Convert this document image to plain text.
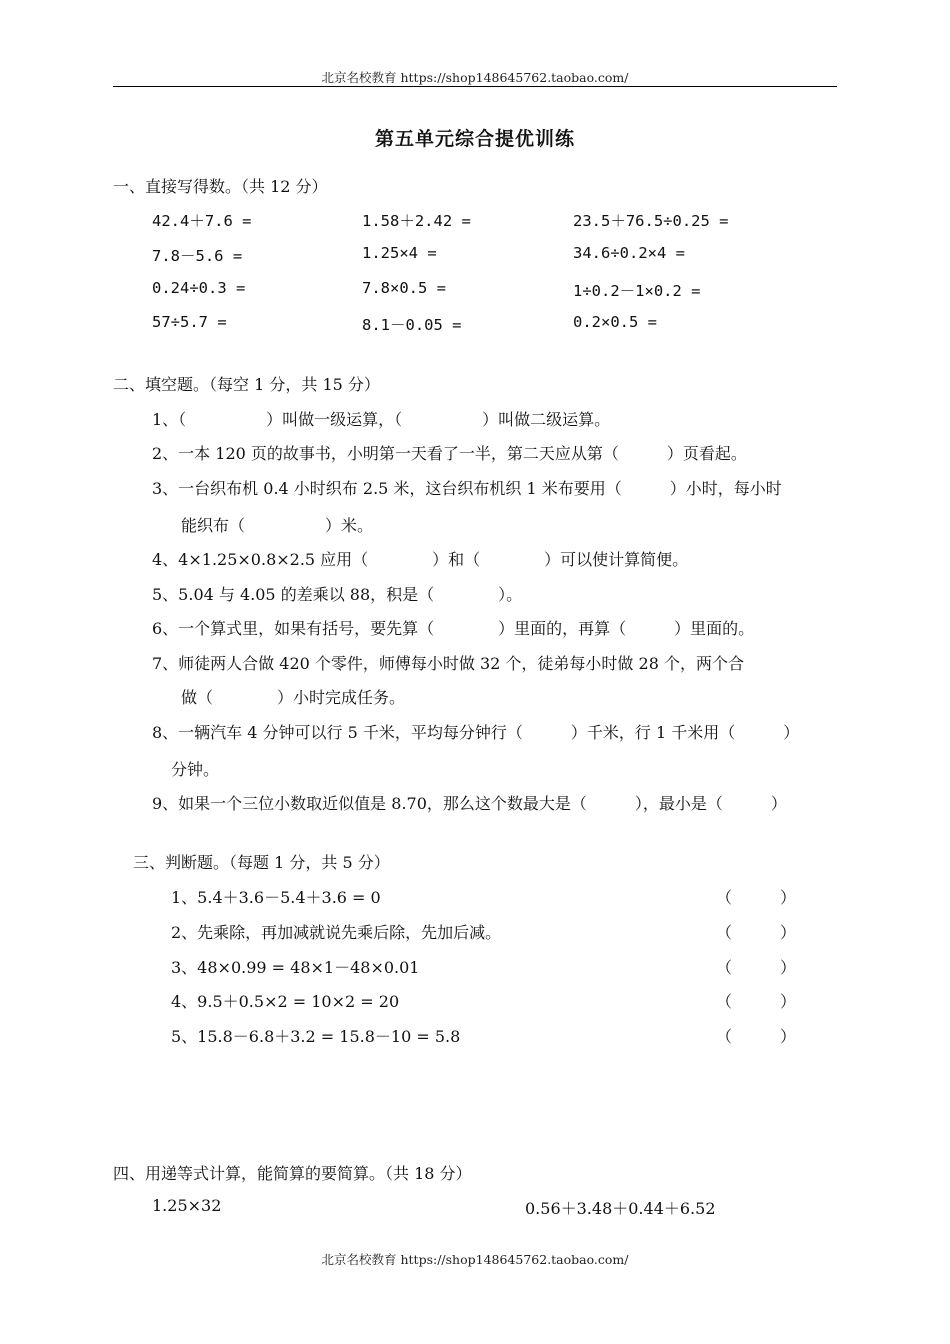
北京名校教育 https://shop148645762.taobao.com/
第五单元综合提优训练
一、直接写得数。（共 12 分）
42.4＋7.6 =	1.58＋2.42 =	23.5＋76.5÷0.25 =
7.8－5.6 =	1.25×4 =	34.6÷0.2×4 =
0.24÷0.3 =	7.8×0.5 =	1÷0.2－1×0.2 =
57÷5.7 =	8.1－0.05 =	0.2×0.5 =
二、填空题。（每空 1 分，共 15 分）
1、（　　　　　）叫做一级运算，（　　　　　）叫做二级运算。
2、一本 120 页的故事书，小明第一天看了一半，第二天应从第（　　　）页看起。
3、一台织布机 0.4 小时织布 2.5 米，这台织布机织 1 米布要用（　　　）小时，每小时
能织布（　　　　　）米。
4、4×1.25×0.8×2.5 应用（　　　　）和（　　　　）可以使计算简便。
5、5.04 与 4.05 的差乘以 88，积是（　　　　）。
6、一个算式里，如果有括号，要先算（　　　　）里面的，再算（　　　）里面的。
7、师徒两人合做 420 个零件，师傅每小时做 32 个，徒弟每小时做 28 个，两个合
做（　　　　）小时完成任务。
8、一辆汽车 4 分钟可以行 5 千米，平均每分钟行（　　　）千米，行 1 千米用（　　　）
分钟。
9、如果一个三位小数取近似值是 8.70，那么这个数最大是（　　　），最小是（　　　）
三、判断题。（每题 1 分，共 5 分）
1、5.4＋3.6－5.4＋3.6 = 0	（　　　）
2、先乘除，再加减就说先乘后除，先加后减。	（　　　）
3、48×0.99 = 48×1－48×0.01	（　　　）
4、9.5＋0.5×2 = 10×2 = 20	（　　　）
5、15.8－6.8＋3.2 = 15.8－10 = 5.8	（　　　）
四、用递等式计算，能简算的要简算。（共 18 分）
1.25×32	0.56＋3.48＋0.44＋6.52
北京名校教育 https://shop148645762.taobao.com/
